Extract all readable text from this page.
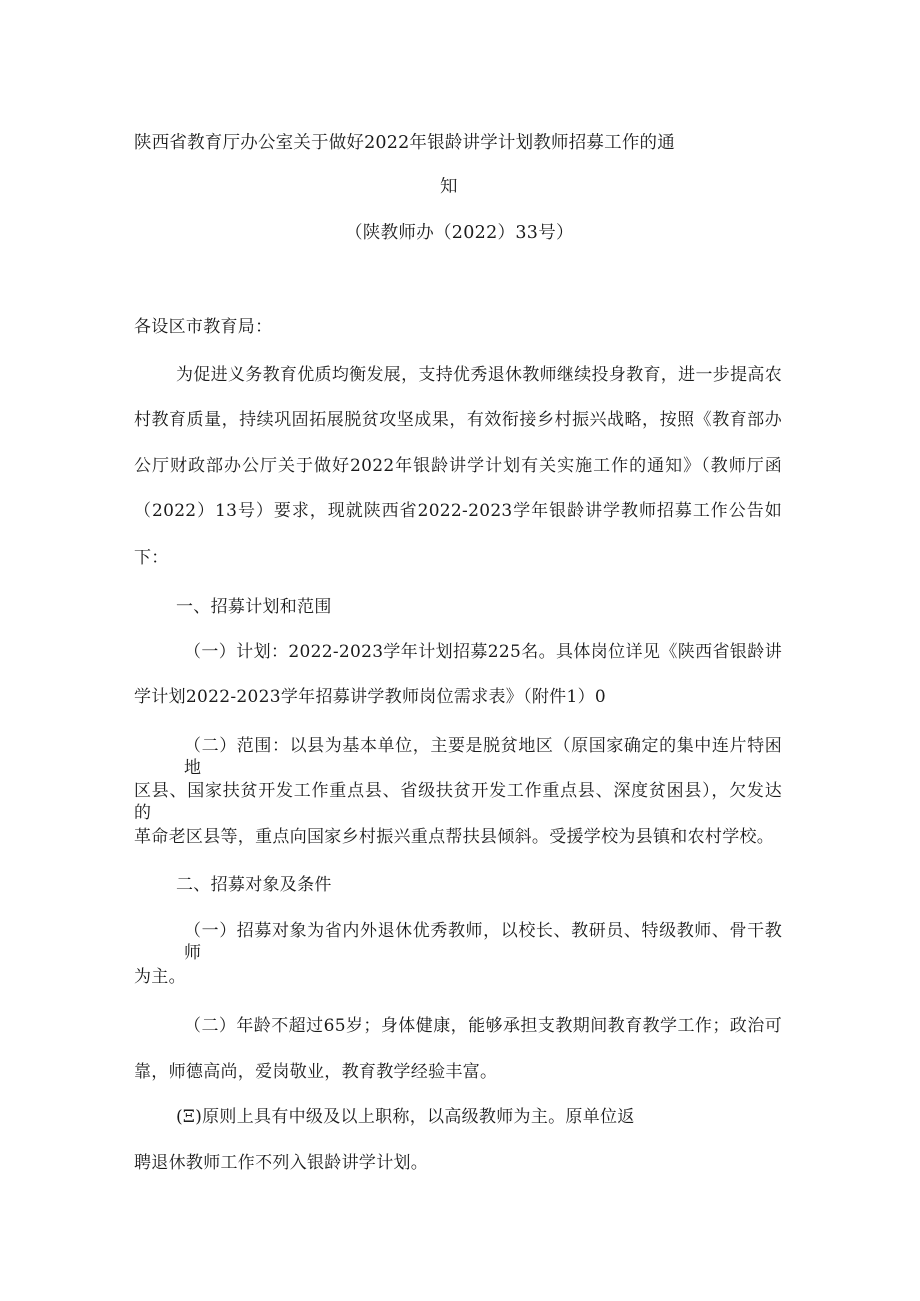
陕西省教育厅办公室关于做好2022年银龄讲学计划教师招募工作的通
知
（陕教师办（2022）33号）
各设区市教育局：
为促进义务教育优质均衡发展，支持优秀退休教师继续投身教育，进一步提高农
村教育质量，持续巩固拓展脱贫攻坚成果，有效衔接乡村振兴战略，按照《教育部办
公厅财政部办公厅关于做好2022年银龄讲学计划有关实施工作的通知》（教师厅函
（2022）13号）要求，现就陕西省2022-2023学年银龄讲学教师招募工作公告如
下：
一、招募计划和范围
（一）计划：2022-2023学年计划招募225名。具体岗位详见《陕西省银龄讲
学计划2022-2023学年招募讲学教师岗位需求表》（附件1）0
（二）范围：以县为基本单位，主要是脱贫地区（原国家确定的集中连片特困地
区县、国家扶贫开发工作重点县、省级扶贫开发工作重点县、深度贫困县），欠发达的
革命老区县等，重点向国家乡村振兴重点帮扶县倾斜。受援学校为县镇和农村学校。
二、招募对象及条件
（一）招募对象为省内外退休优秀教师，以校长、教研员、特级教师、骨干教师
为主。
（二）年龄不超过65岁；身体健康，能够承担支教期间教育教学工作；政治可
靠，师德高尚，爱岗敬业，教育教学经验丰富。
(Ξ)原则上具有中级及以上职称，以高级教师为主。原单位返
聘退休教师工作不列入银龄讲学计划。
